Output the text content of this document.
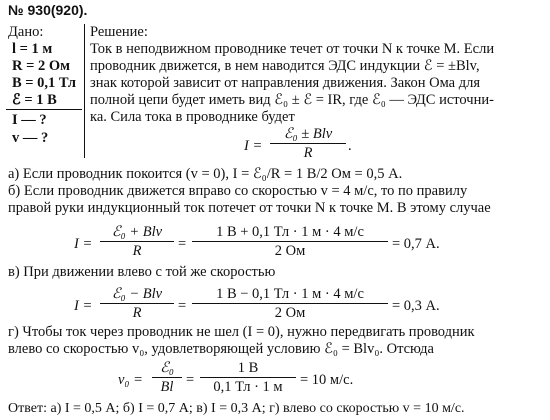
№ 930(920).
Дано:
l = 1 м
R = 2 Ом
B = 0,1 Тл
ℰ = 1 В
I — ?
v — ?
Решение:
Ток в неподвижном проводнике течет от точки N к точке M. Если
проводник движется, в нем наводится ЭДС индукции ℰ = ±Blv,
знак которой зависит от направления движения. Закон Ома для
полной цепи будет иметь вид ℰ₀ ± ℰ = IR, где ℰ₀ — ЭДС источни-
ка. Сила тока в проводнике будет
I =
ℰ₀ ± Blv
R	.
а) Если проводник покоится (v = 0), I = ℰ₀/R = 1 В/2 Ом = 0,5 А.
б) Если проводник движется вправо со скоростью v = 4 м/с, то по правилу
правой руки индукционный ток потечет от точки N к точке M. В этому случае
I =
ℰ₀ + Blv
R	=
1 В + 0,1 Тл · 1 м · 4 м/с
2 Ом	= 0,7 А.
в) При движении влево с той же скоростью
I =
ℰ₀ − Blv
R	=
1 В − 0,1 Тл · 1 м · 4 м/с
2 Ом	= 0,3 А.
г) Чтобы ток через проводник не шел (I = 0), нужно передвигать проводник
влево со скоростью v₀, удовлетворяющей условию ℰ₀ = Blv₀. Отсюда
v₀ =
ℰ₀
Bl =
1 В
0,1 Тл · 1 м	= 10 м/с.
Ответ: а) I = 0,5 А; б) I = 0,7 А; в) I = 0,3 А; г) влево со скоростью v = 10 м/с.
